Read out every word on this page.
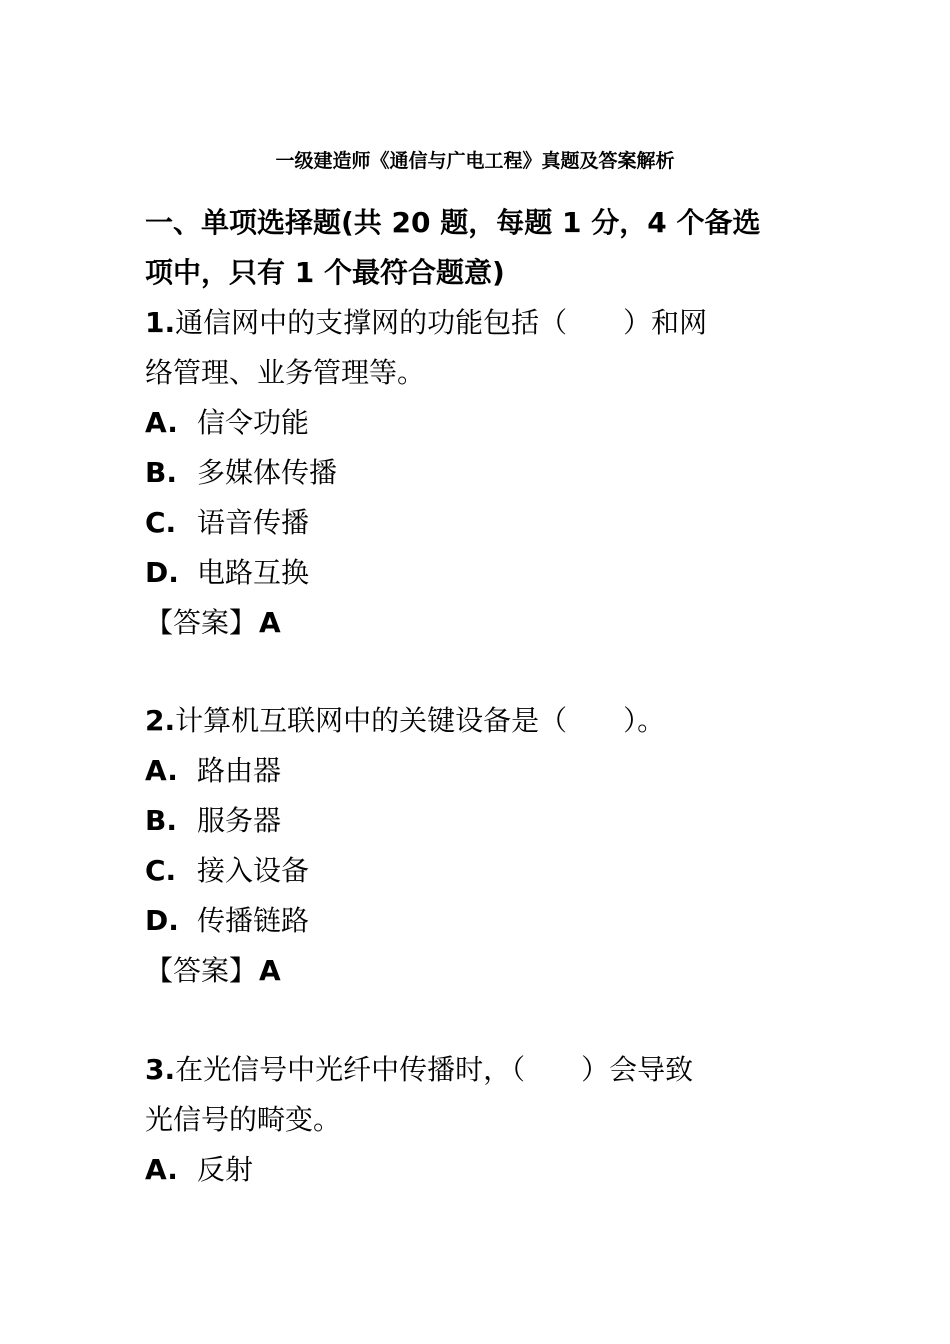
一级建造师《通信与广电工程》真题及答案解析
一、单项选择题(共 20 题，每题 1 分，4 个备选
项中，只有 1 个最符合题意)
1.通信网中的支撑网的功能包括（　　）和网
络管理、业务管理等。
A. 信令功能
B. 多媒体传播
C. 语音传播
D. 电路互换
【答案】A
2.计算机互联网中的关键设备是（　　）。
A. 路由器
B. 服务器
C. 接入设备
D. 传播链路
【答案】A
3.在光信号中光纤中传播时，（　　）会导致
光信号的畸变。
A. 反射
